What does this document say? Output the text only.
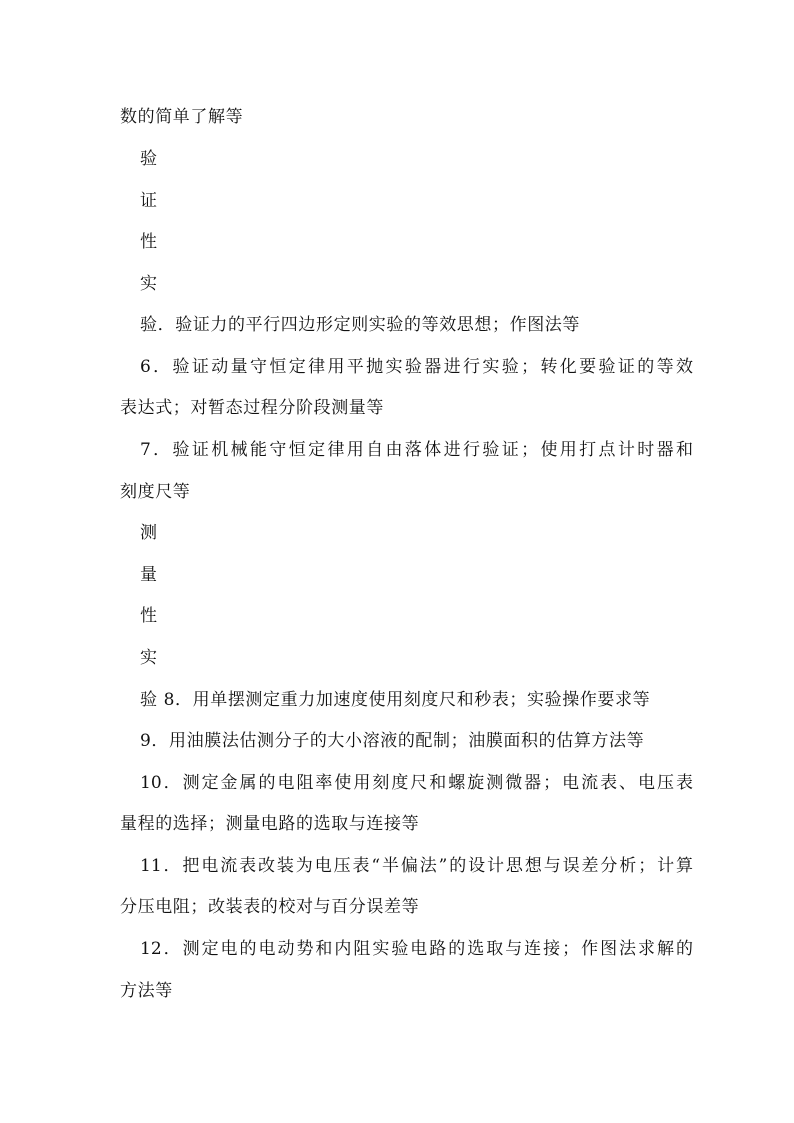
数的简单了解等
验
证
性
实
验．验证力的平行四边形定则实验的等效思想；作图法等
6．验证动量守恒定律用平抛实验器进行实验；转化要验证的等效
表达式；对暂态过程分阶段测量等
7．验证机械能守恒定律用自由落体进行验证；使用打点计时器和
刻度尺等
测
量
性
实
验 8．用单摆测定重力加速度使用刻度尺和秒表；实验操作要求等
9．用油膜法估测分子的大小溶液的配制；油膜面积的估算方法等
10．测定金属的电阻率使用刻度尺和螺旋测微器；电流表、电压表
量程的选择；测量电路的选取与连接等
11．把电流表改装为电压表“半偏法”的设计思想与误差分析；计算
分压电阻；改装表的校对与百分误差等
12．测定电的电动势和内阻实验电路的选取与连接；作图法求解的
方法等
